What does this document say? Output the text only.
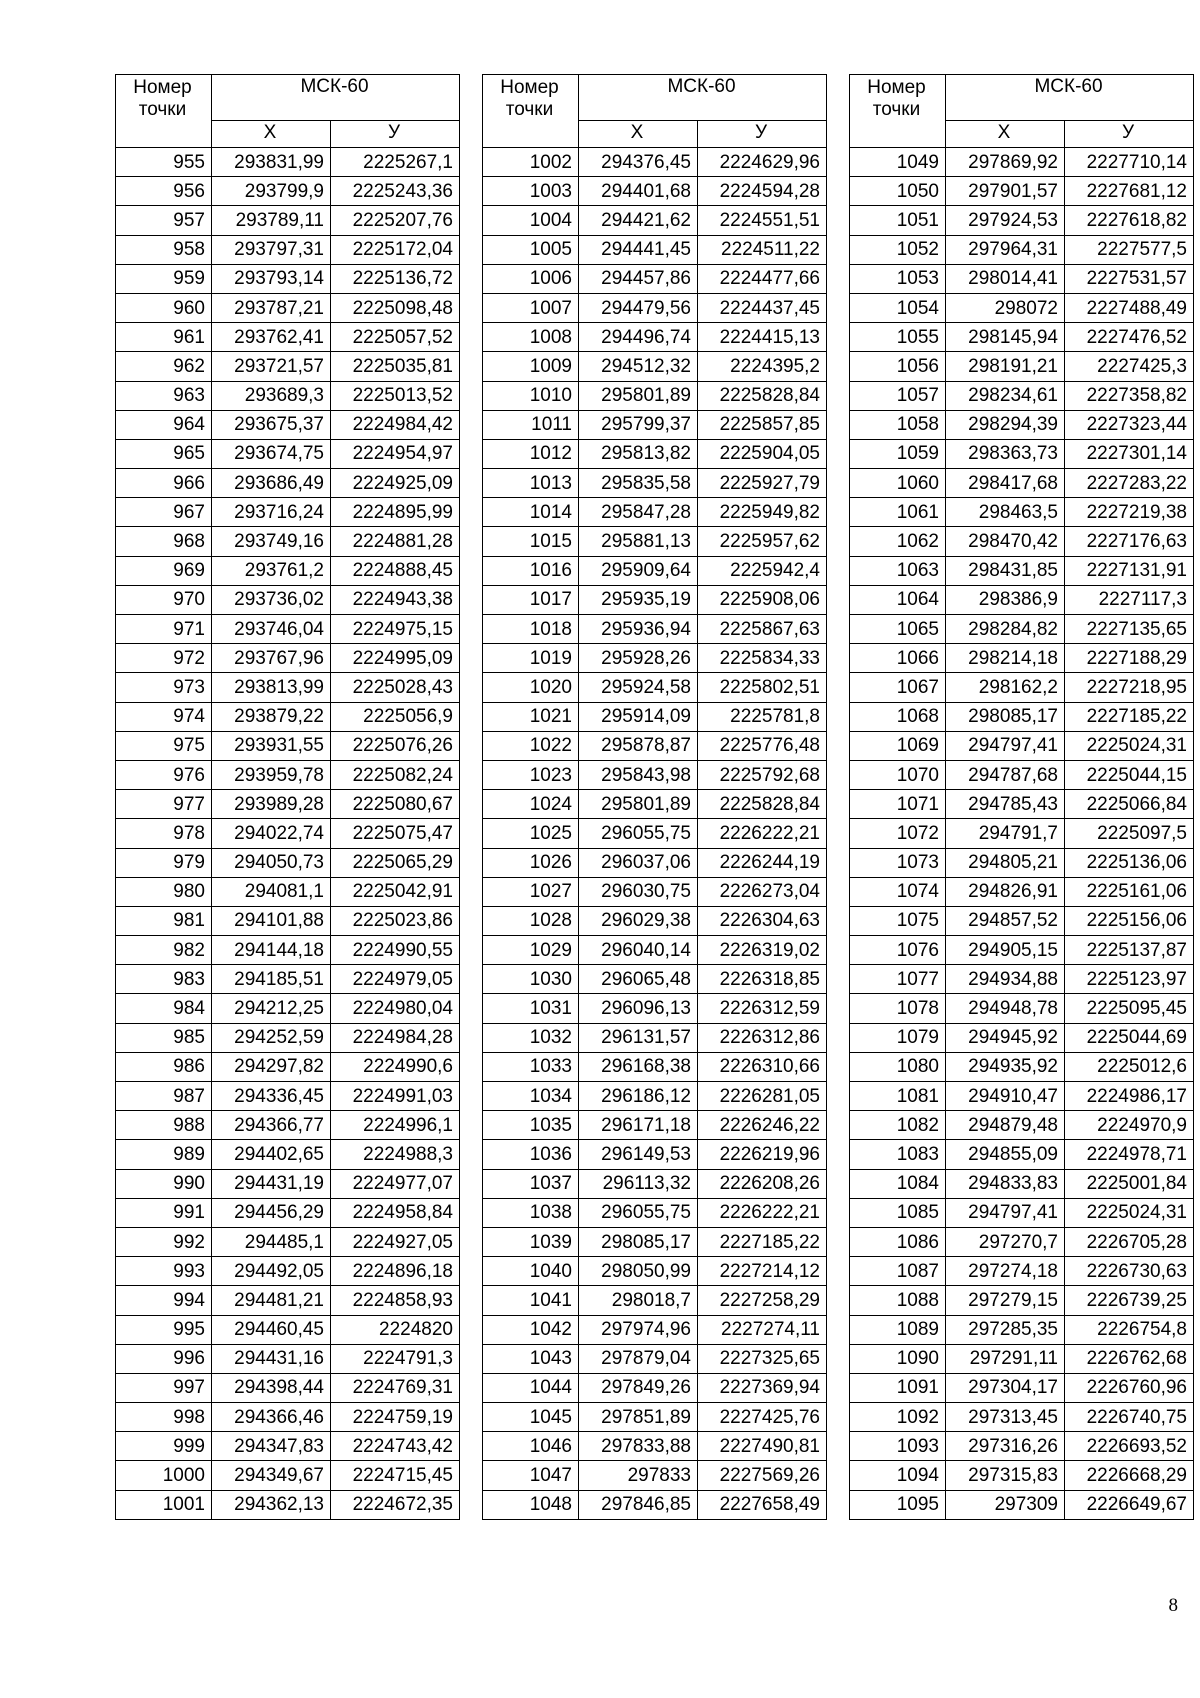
Номер
точки	МСК-60	
	Х	У
955	293831,99	2225267,1
956	293799,9	2225243,36
957	293789,11	2225207,76
958	293797,31	2225172,04
959	293793,14	2225136,72
960	293787,21	2225098,48
961	293762,41	2225057,52
962	293721,57	2225035,81
963	293689,3	2225013,52
964	293675,37	2224984,42
965	293674,75	2224954,97
966	293686,49	2224925,09
967	293716,24	2224895,99
968	293749,16	2224881,28
969	293761,2	2224888,45
970	293736,02	2224943,38
971	293746,04	2224975,15
972	293767,96	2224995,09
973	293813,99	2225028,43
974	293879,22	2225056,9
975	293931,55	2225076,26
976	293959,78	2225082,24
977	293989,28	2225080,67
978	294022,74	2225075,47
979	294050,73	2225065,29
980	294081,1	2225042,91
981	294101,88	2225023,86
982	294144,18	2224990,55
983	294185,51	2224979,05
984	294212,25	2224980,04
985	294252,59	2224984,28
986	294297,82	2224990,6
987	294336,45	2224991,03
988	294366,77	2224996,1
989	294402,65	2224988,3
990	294431,19	2224977,07
991	294456,29	2224958,84
992	294485,1	2224927,05
993	294492,05	2224896,18
994	294481,21	2224858,93
995	294460,45	2224820
996	294431,16	2224791,3
997	294398,44	2224769,31
998	294366,46	2224759,19
999	294347,83	2224743,42
1000	294349,67	2224715,45
1001	294362,13	2224672,35
Номер
точки	МСК-60	
	Х	У
1002	294376,45	2224629,96
1003	294401,68	2224594,28
1004	294421,62	2224551,51
1005	294441,45	2224511,22
1006	294457,86	2224477,66
1007	294479,56	2224437,45
1008	294496,74	2224415,13
1009	294512,32	2224395,2
1010	295801,89	2225828,84
1011	295799,37	2225857,85
1012	295813,82	2225904,05
1013	295835,58	2225927,79
1014	295847,28	2225949,82
1015	295881,13	2225957,62
1016	295909,64	2225942,4
1017	295935,19	2225908,06
1018	295936,94	2225867,63
1019	295928,26	2225834,33
1020	295924,58	2225802,51
1021	295914,09	2225781,8
1022	295878,87	2225776,48
1023	295843,98	2225792,68
1024	295801,89	2225828,84
1025	296055,75	2226222,21
1026	296037,06	2226244,19
1027	296030,75	2226273,04
1028	296029,38	2226304,63
1029	296040,14	2226319,02
1030	296065,48	2226318,85
1031	296096,13	2226312,59
1032	296131,57	2226312,86
1033	296168,38	2226310,66
1034	296186,12	2226281,05
1035	296171,18	2226246,22
1036	296149,53	2226219,96
1037	296113,32	2226208,26
1038	296055,75	2226222,21
1039	298085,17	2227185,22
1040	298050,99	2227214,12
1041	298018,7	2227258,29
1042	297974,96	2227274,11
1043	297879,04	2227325,65
1044	297849,26	2227369,94
1045	297851,89	2227425,76
1046	297833,88	2227490,81
1047	297833	2227569,26
1048	297846,85	2227658,49
Номер
точки	МСК-60	
	Х	У
1049	297869,92	2227710,14
1050	297901,57	2227681,12
1051	297924,53	2227618,82
1052	297964,31	2227577,5
1053	298014,41	2227531,57
1054	298072	2227488,49
1055	298145,94	2227476,52
1056	298191,21	2227425,3
1057	298234,61	2227358,82
1058	298294,39	2227323,44
1059	298363,73	2227301,14
1060	298417,68	2227283,22
1061	298463,5	2227219,38
1062	298470,42	2227176,63
1063	298431,85	2227131,91
1064	298386,9	2227117,3
1065	298284,82	2227135,65
1066	298214,18	2227188,29
1067	298162,2	2227218,95
1068	298085,17	2227185,22
1069	294797,41	2225024,31
1070	294787,68	2225044,15
1071	294785,43	2225066,84
1072	294791,7	2225097,5
1073	294805,21	2225136,06
1074	294826,91	2225161,06
1075	294857,52	2225156,06
1076	294905,15	2225137,87
1077	294934,88	2225123,97
1078	294948,78	2225095,45
1079	294945,92	2225044,69
1080	294935,92	2225012,6
1081	294910,47	2224986,17
1082	294879,48	2224970,9
1083	294855,09	2224978,71
1084	294833,83	2225001,84
1085	294797,41	2225024,31
1086	297270,7	2226705,28
1087	297274,18	2226730,63
1088	297279,15	2226739,25
1089	297285,35	2226754,8
1090	297291,11	2226762,68
1091	297304,17	2226760,96
1092	297313,45	2226740,75
1093	297316,26	2226693,52
1094	297315,83	2226668,29
1095	297309	2226649,67
8
